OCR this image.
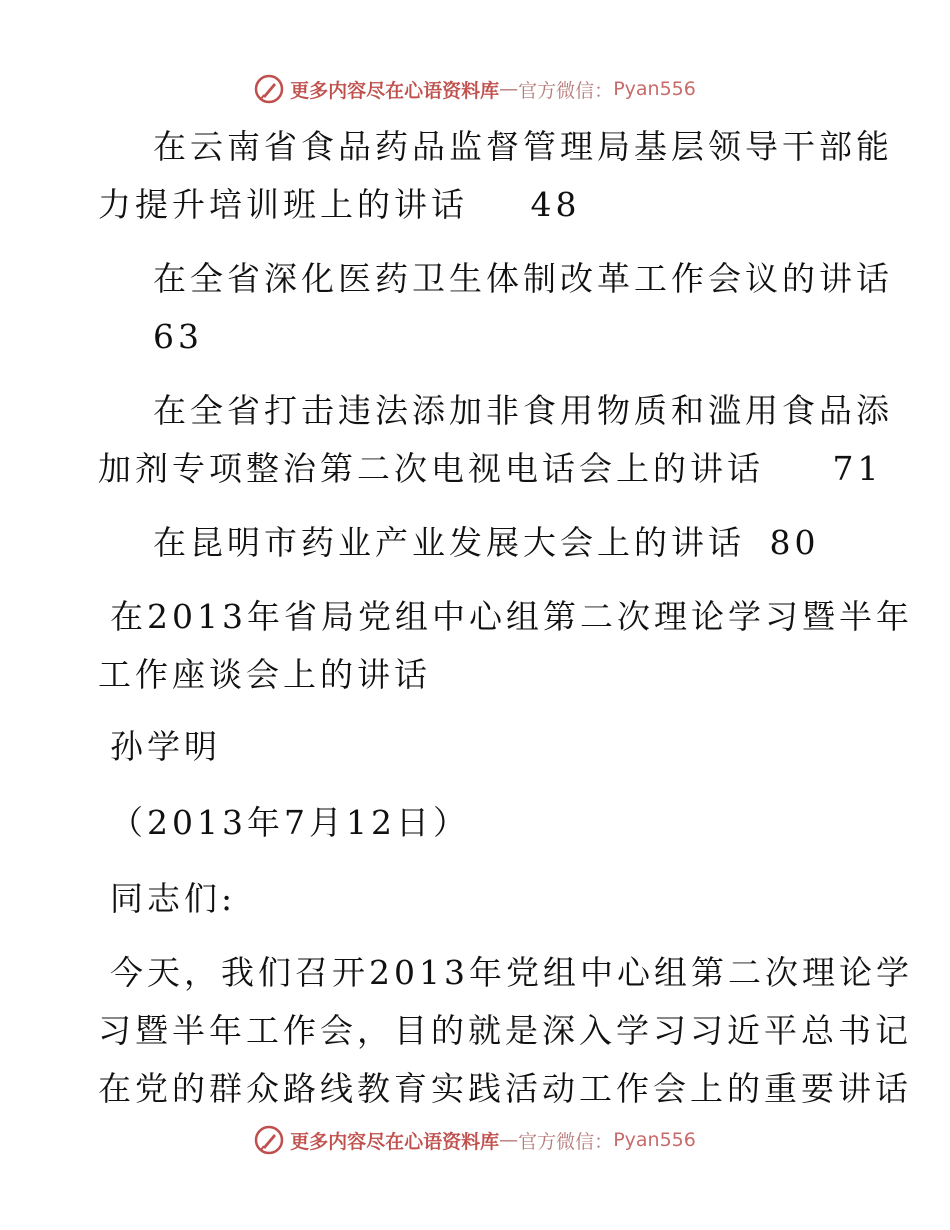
更多内容尽在心语资料库 — 官方微信： Pyan556
在云南省食品药品监督管理局基层领导干部能
力提升培训班上的讲话 48
在全省深化医药卫生体制改革工作会议的讲话
63
在全省打击违法添加非食用物质和滥用食品添
加剂专项整治第二次电视电话会上的讲话 71
在昆明市药业产业发展大会上的讲话 80
在2013年省局党组中心组第二次理论学习暨半年
工作座谈会上的讲话
孙学明
（2013年7月12日）
同志们:
今天，我们召开2013年党组中心组第二次理论学
习暨半年工作会，目的就是深入学习习近平总书记
在党的群众路线教育实践活动工作会上的重要讲话
更多内容尽在心语资料库 — 官方微信： Pyan556
